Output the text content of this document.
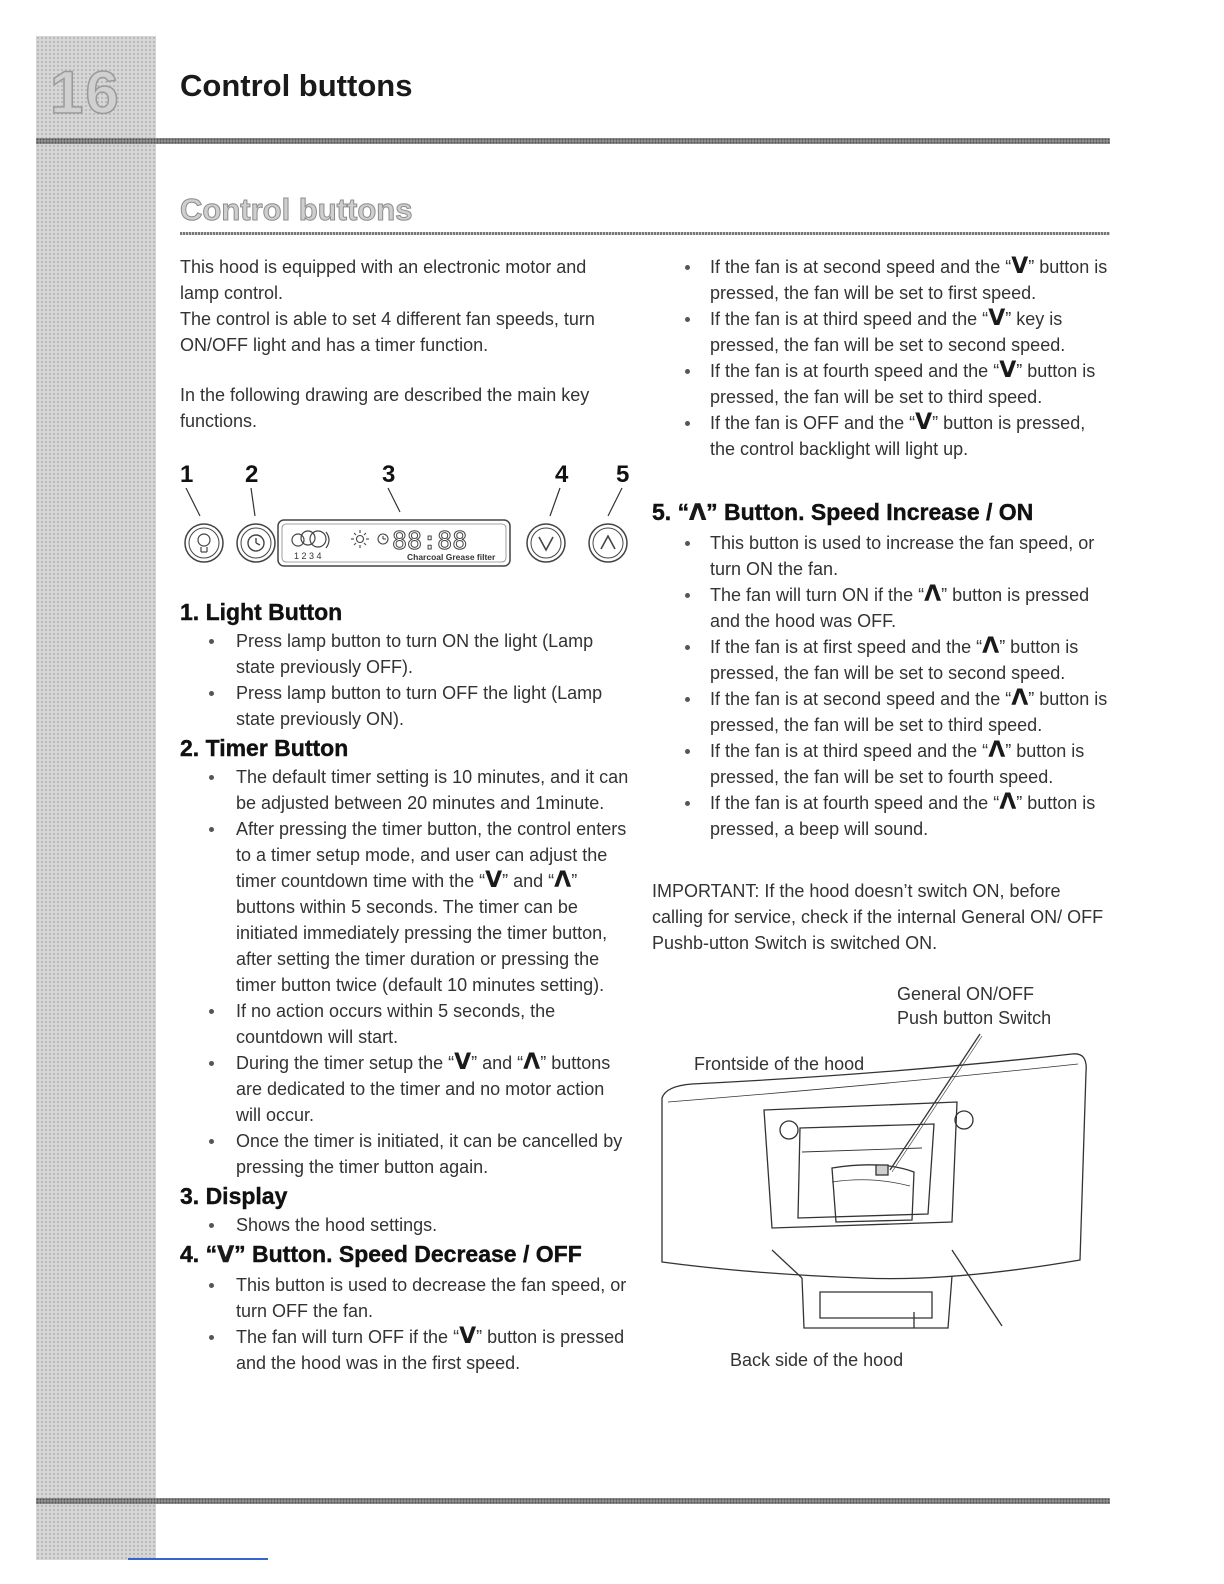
16	Control buttons
Control buttons

This hood is equipped with an electronic motor and lamp control.

The control is able to set 4 different fan speeds, turn ON/OFF light and has a timer function.

In the following drawing are described the main key functions.

1 2	3	4 5
1 2 3 4
88:88
Charcoal Grease filter
1. Light Button
Press lamp button to turn ON the light (Lamp state previously OFF).
Press lamp button to turn OFF the light (Lamp state previously ON).
2. Timer Button
The default timer setting is 10 minutes, and it can be adjusted between 20 minutes and 1minute.
After pressing the timer button, the control enters to a timer setup mode, and user can adjust the timer countdown time with the “V” and “Λ” buttons within 5 seconds. The timer can be initiated immediately pressing the timer button, after setting the timer duration or pressing the timer button twice (default 10 minutes setting).
If no action occurs within 5 seconds, the countdown will start.
During the timer setup the “V” and “Λ” buttons are dedicated to the timer and no motor action will occur.
Once the timer is initiated, it can be cancelled by pressing the timer button again.
3. Display
Shows the hood settings.
4. “V” Button. Speed Decrease / OFF
This button is used to decrease the fan speed, or turn OFF the fan.
The fan will turn OFF if the “V” button is pressed and the hood was in the first speed.
If the fan is at second speed and the “V” button is pressed, the fan will be set to first speed.
If the fan is at third speed and the “V” key is pressed, the fan will be set to second speed.
If the fan is at fourth speed and the “V” button is pressed, the fan will be set to third speed.
If the fan is OFF and the “V” button is pressed, the control backlight will light up.
5. “Λ” Button. Speed Increase / ON
This button is used to increase the fan speed, or turn ON the fan.
The fan will turn ON if the “Λ” button is pressed and the hood was OFF.
If the fan is at first speed and the “Λ” button is pressed, the fan will be set to second speed.
If the fan is at second speed and the “Λ” button is pressed, the fan will be set to third speed.
If the fan is at third speed and the “Λ” button is pressed, the fan will be set to fourth speed.
If the fan is at fourth speed and the “Λ” button is pressed, a beep will sound.

IMPORTANT: If the hood doesn’t switch ON, before calling for service, check if the internal General ON/ OFF Pushb-utton Switch is switched ON.

General ON/OFF
Push button Switch
Frontside of the hood
Back side of the hood
